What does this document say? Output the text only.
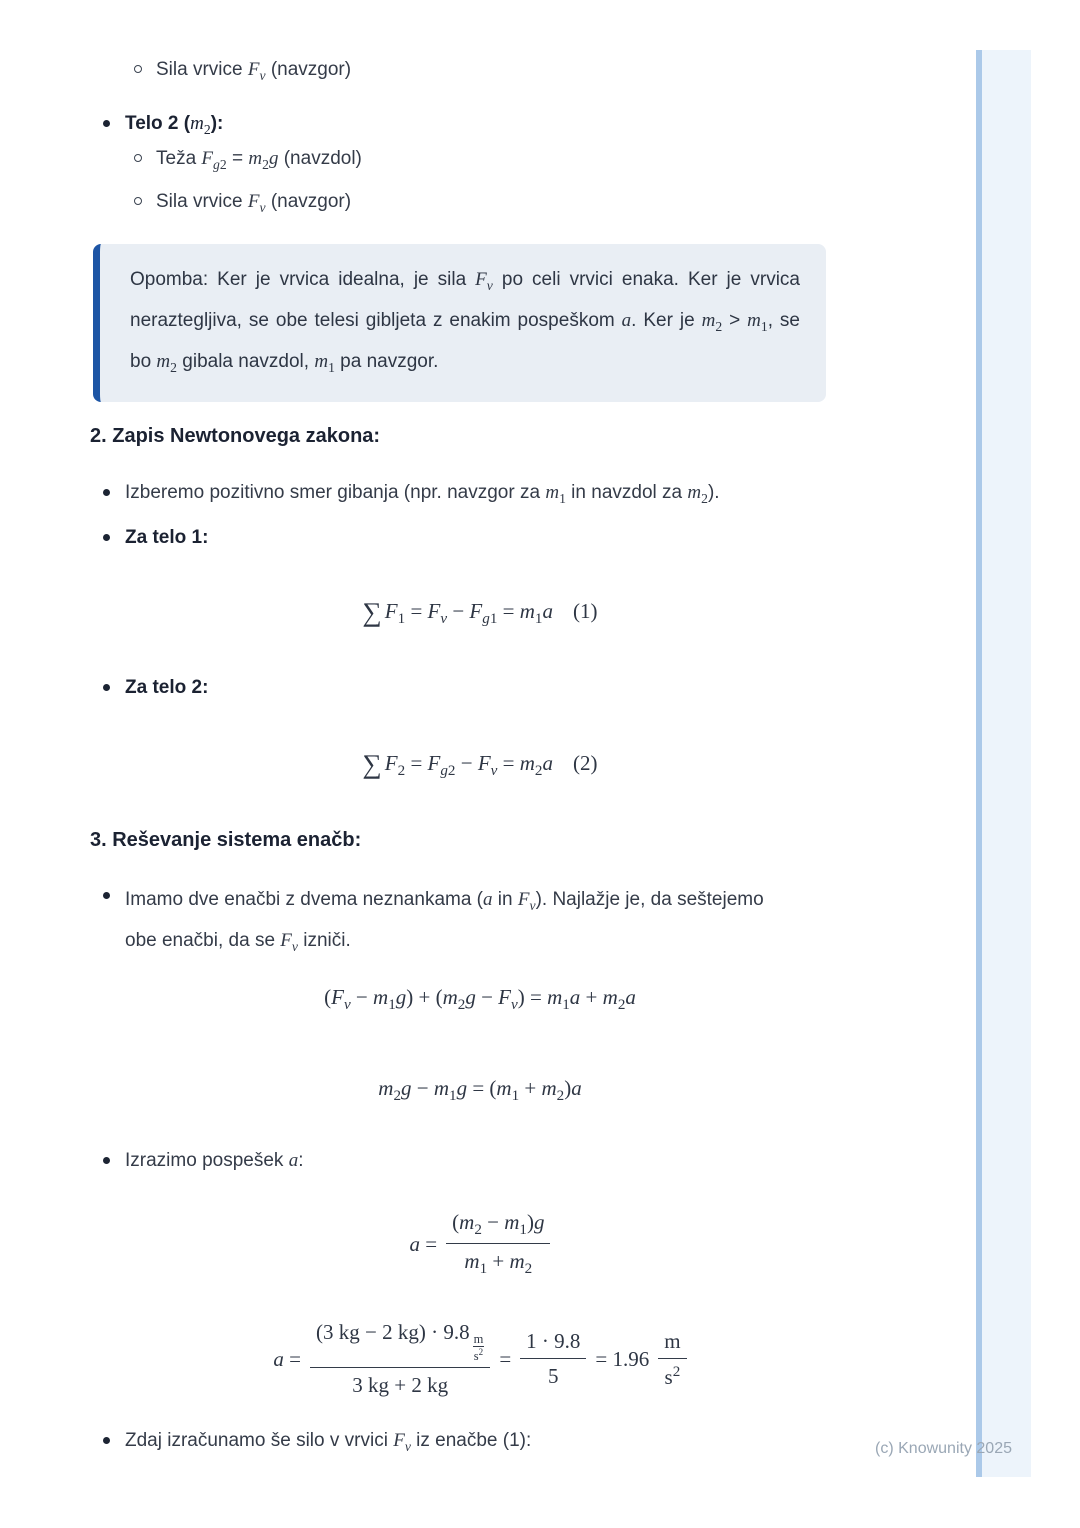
Sila vrvice $F_v$ (navzgor)
Telo 2 $(m_2)$:
Teža $F_{g2} = m_2g$ (navzdol)
Sila vrvice $F_v$ (navzgor)
Opomba: Ker je vrvica idealna, je sila $F_v$ po celi vrvici enaka. Ker je vrvica neraztegljiva, se obe telesi gibljeta z enakim pospeškom a. Ker je $m_2 > m_1$, se bo $m_2$ gibala navzdol, $m_1$ pa navzgor.
2. Zapis Newtonovega zakona:
Izberemo pozitivno smer gibanja (npr. navzgor za $m_1$ in navzdol za $m_2$).
Za telo 1:
∑ $F_1 = F_v - F_{g1} = m_1a$ (1)
Za telo 2:
∑ $F_2 = F_{g2} - F_v = m_2a$ (2)
3. Reševanje sistema enačb:
Imamo dve enačbi z dvema neznankama (a in $F_v$). Najlažje je, da seštejemo obe enačbi, da se $F_v$ izniči.
$(F_v - m_1g) + (m_2g - F_v) = m_1a + m_2a$
$m_2g - m_1g = (m_1 + m_2)a$
Izrazimo pospešek a:
$a = \frac{(m_2 - m_1)g}{m_1 + m_2}$
a = (3 kg − 2 kg) · 9.8
$\frac{m}{s^2}$
3 kg + 2 kg = $\frac{1 \cdot 9.8}{5} = 1.96 \frac{m}{s^2}$
Zdaj izračunamo še silo v vrvici $F_v$ iz enačbe (1):	(c) Knowunity 2025
